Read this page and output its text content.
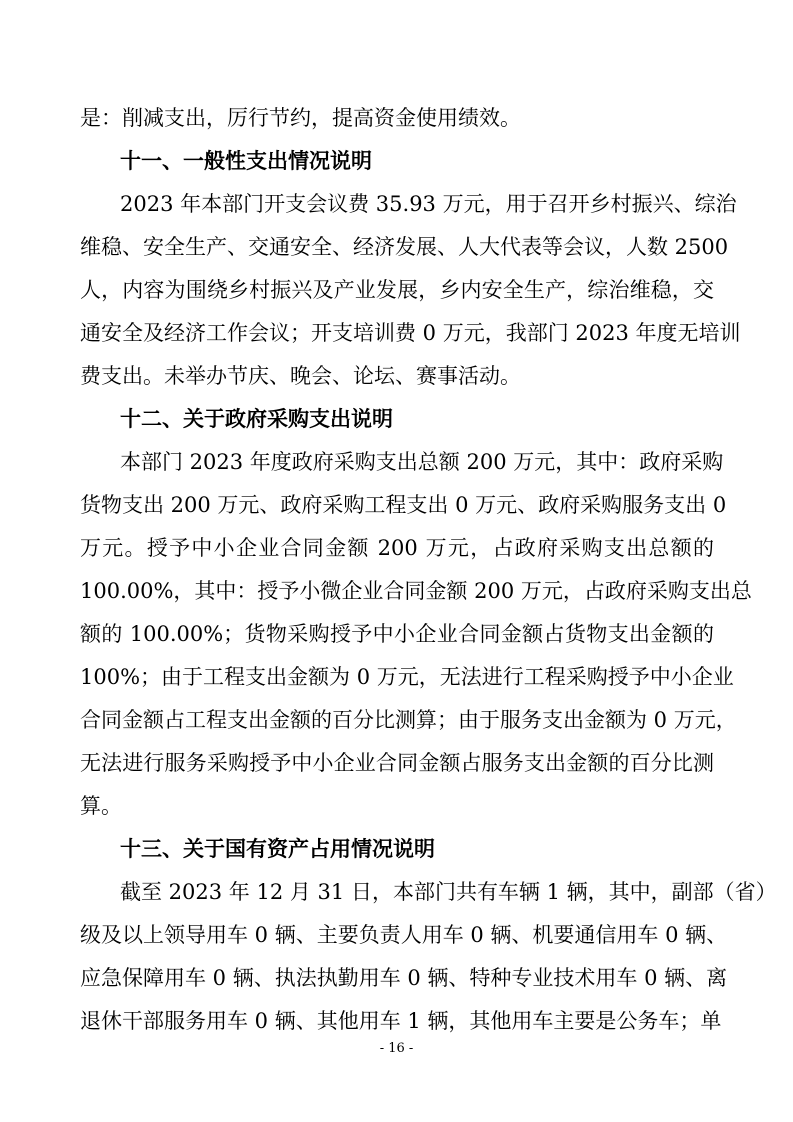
是：削减支出，厉行节约，提高资金使用绩效。
十一、一般性支出情况说明
2023 年本部门开支会议费 35.93 万元，用于召开乡村振兴、综治
维稳、安全生产、交通安全、经济发展、人大代表等会议，人数 2500
人，内容为围绕乡村振兴及产业发展，乡内安全生产，综治维稳，交
通安全及经济工作会议；开支培训费 0 万元，我部门 2023 年度无培训
费支出。未举办节庆、晚会、论坛、赛事活动。
十二、关于政府采购支出说明
本部门 2023 年度政府采购支出总额 200 万元，其中：政府采购
货物支出 200 万元、政府采购工程支出 0 万元、政府采购服务支出 0
万元。授予中小企业合同金额 200 万元，占政府采购支出总额的
100.00%，其中：授予小微企业合同金额 200 万元，占政府采购支出总
额的 100.00%；货物采购授予中小企业合同金额占货物支出金额的
100%；由于工程支出金额为 0 万元，无法进行工程采购授予中小企业
合同金额占工程支出金额的百分比测算；由于服务支出金额为 0 万元，
无法进行服务采购授予中小企业合同金额占服务支出金额的百分比测
算。
十三、关于国有资产占用情况说明
截至 2023 年 12 月 31 日，本部门共有车辆 1 辆，其中，副部（省）
级及以上领导用车 0 辆、主要负责人用车 0 辆、机要通信用车 0 辆、
应急保障用车 0 辆、执法执勤用车 0 辆、特种专业技术用车 0 辆、离
退休干部服务用车 0 辆、其他用车 1 辆，其他用车主要是公务车；单
- 16 -
